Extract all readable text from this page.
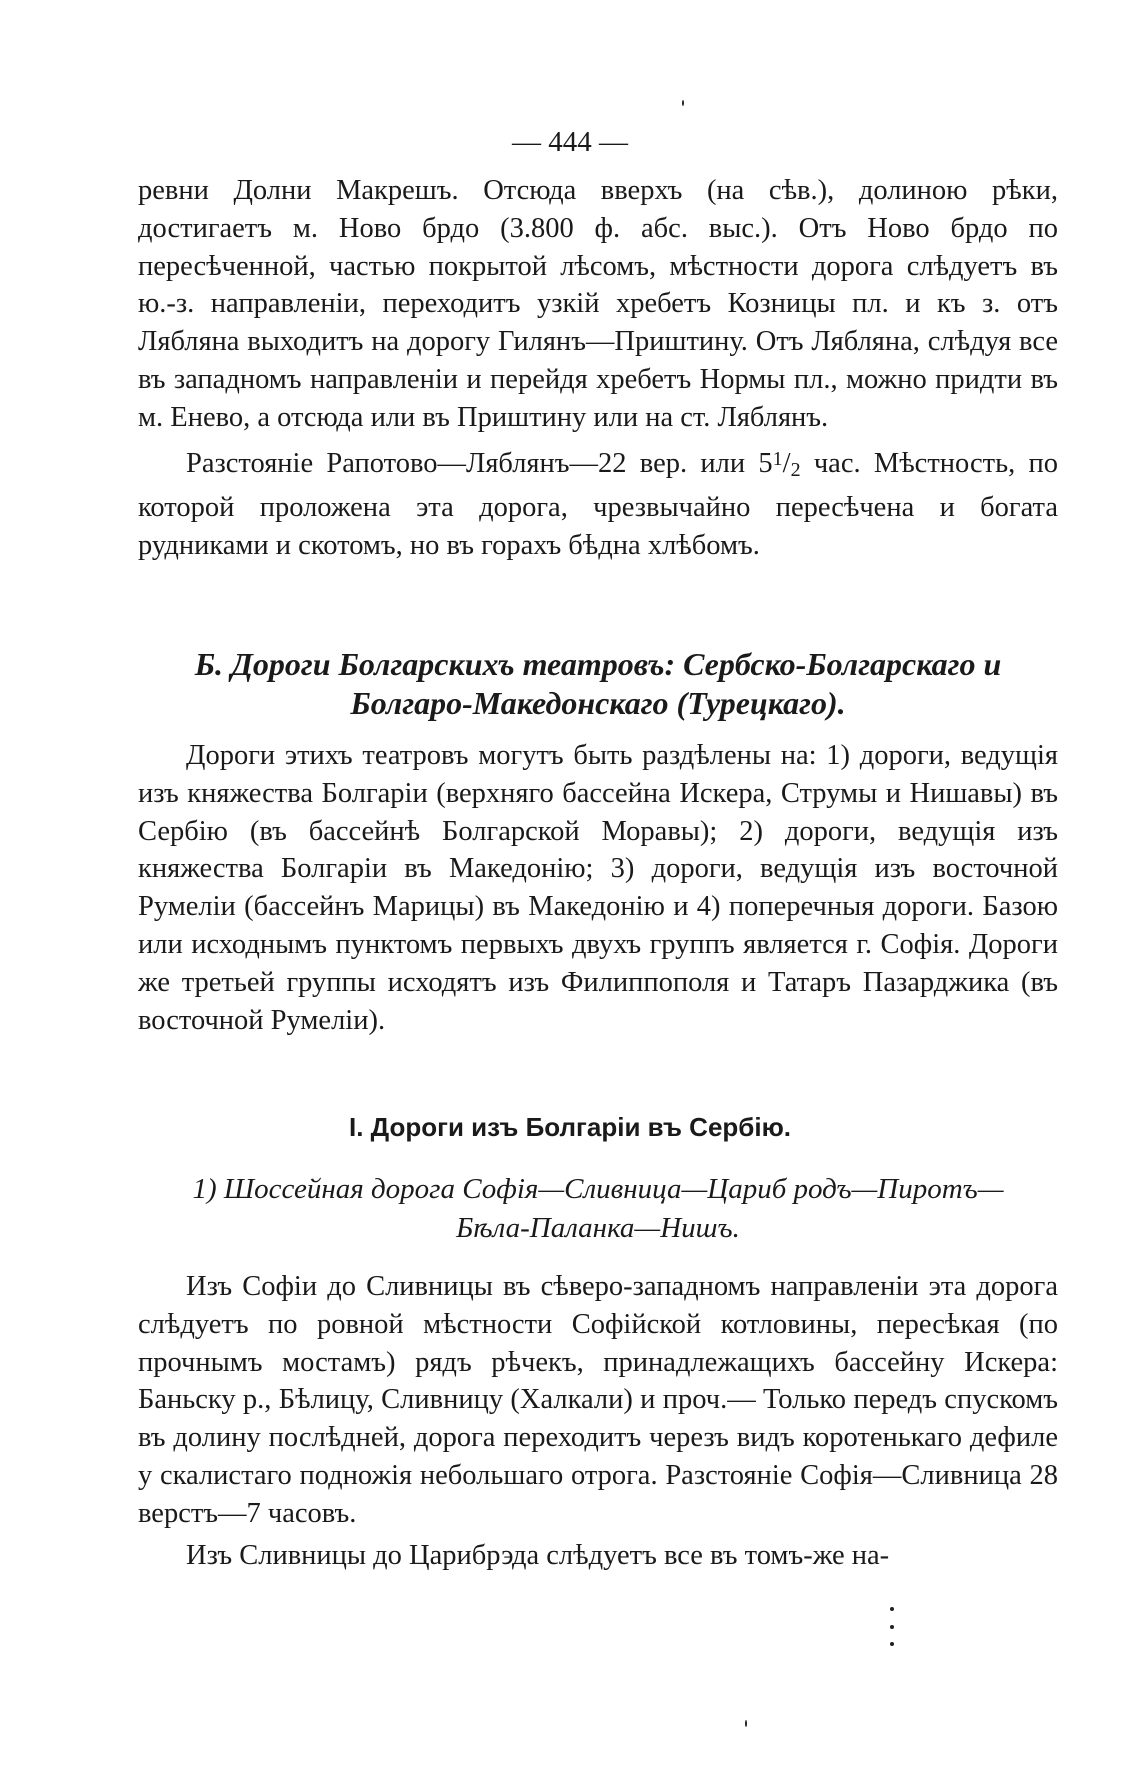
— 444 —

ревни Долни Макрешъ. Отсюда вверхъ (на сѣв.), долиною рѣки, достигаетъ м. Ново брдо (3.800 ф. абс. выс.). Отъ Ново брдо по пересѣченной, частью покрытой лѣсомъ, мѣстности дорога слѣдуетъ въ ю.-з. направленіи, переходитъ узкій хребетъ Козницы пл. и къ з. отъ Лябляна выходитъ на дорогу Гилянъ—Приштину. Отъ Лябляна, слѣдуя все въ западномъ направленіи и перейдя хребетъ Нормы пл., можно придти въ м. Енево, а отсюда или въ Приштину или на ст. Ляблянъ.

Разстояніе Рапотово—Ляблянъ—22 вер. или $5^1/2$ час. Мѣстность, по которой проложена эта дорога, чрезвычайно пересѣчена и богата рудниками и скотомъ, но въ горахъ бѣдна хлѣбомъ.

Б. Дороги Болгарскихъ театровъ: Сербско-Болгарскаго и Болгаро-Македонскаго (Турецкаго).

Дороги этихъ театровъ могутъ быть раздѣлены на: 1) дороги, ведущія изъ княжества Болгаріи (верхняго бассейна Искера, Струмы и Нишавы) въ Сербію (въ бассейнѣ Болгарской Моравы); 2) дороги, ведущія изъ княжества Болгаріи въ Македонію; 3) дороги, ведущія изъ восточной Румеліи (бассейнъ Марицы) въ Македонію и 4) поперечныя дороги. Базою или исходнымъ пунктомъ первыхъ двухъ группъ является г. Софія. Дороги же третьей группы исходятъ изъ Филиппополя и Татаръ Пазарджика (въ восточной Румеліи).

I. Дороги изъ Болгаріи въ Сербію.
1) Шоссейная дорога Софія—Сливница—Цариб родъ—Пиротъ—
Бѣла-Паланка—Нишъ.

Изъ Софіи до Сливницы въ сѣверо-западномъ направленіи эта дорога слѣдуетъ по ровной мѣстности Софійской котловины, пересѣкая (по прочнымъ мостамъ) рядъ рѣчекъ, принадлежащихъ бассейну Искера: Баньску р., Бѣлицу, Сливницу (Халкали) и проч.— Только передъ спускомъ въ долину послѣдней, дорога переходитъ черезъ видъ коротенькаго дефиле у скалистаго подножія небольшаго отрога. Разстояніе Софія—Сливница 28 верстъ—7 часовъ.

Изъ Сливницы до Царибрэда слѣдуетъ все въ томъ-же на-
